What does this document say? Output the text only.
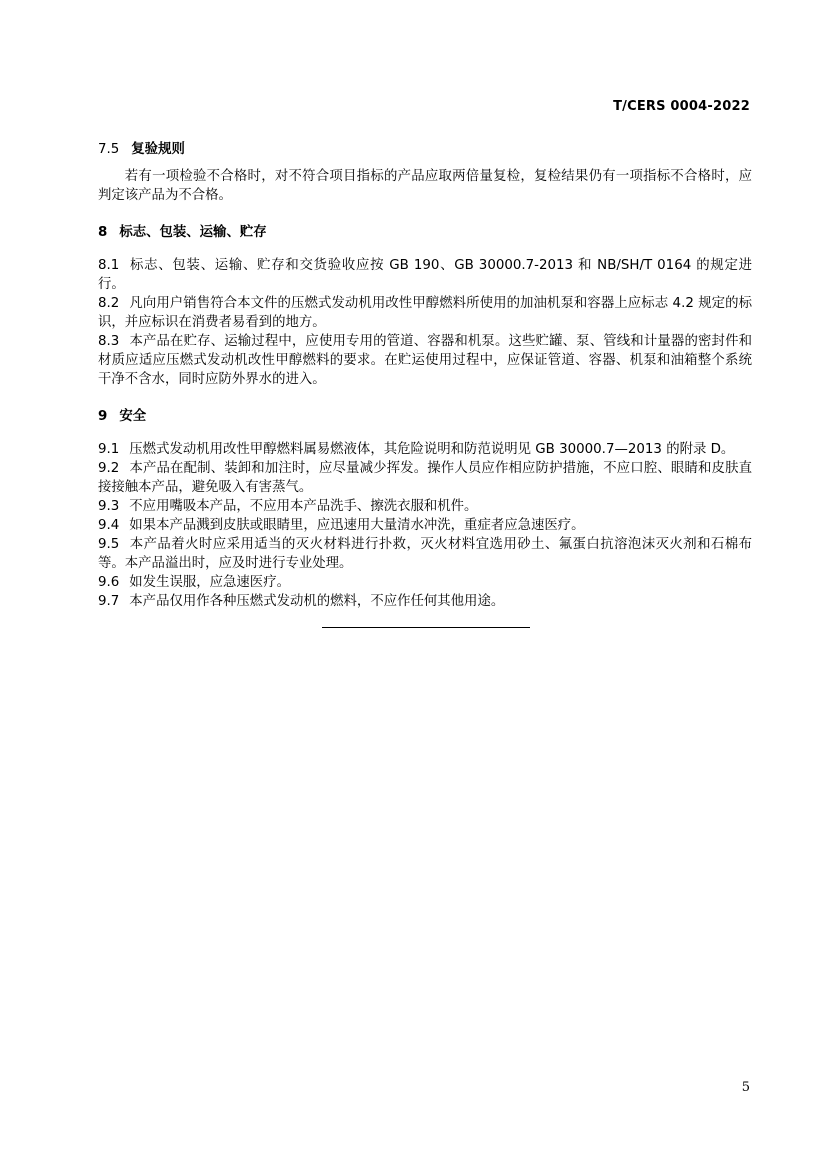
T/CERS 0004-2022

7.5 复验规则

若有一项检验不合格时，对不符合项目指标的产品应取两倍量复检，复检结果仍有一项指标不合格时，应判定该产品为不合格。

8 标志、包装、运输、贮存

8.1 标志、包装、运输、贮存和交货验收应按 GB 190、GB 30000.7-2013 和 NB/SH/T 0164 的规定进行。

8.2 凡向用户销售符合本文件的压燃式发动机用改性甲醇燃料所使用的加油机泵和容器上应标志 4.2 规定的标识，并应标识在消费者易看到的地方。

8.3 本产品在贮存、运输过程中，应使用专用的管道、容器和机泵。这些贮罐、泵、管线和计量器的密封件和材质应适应压燃式发动机改性甲醇燃料的要求。在贮运使用过程中，应保证管道、容器、机泵和油箱整个系统干净不含水，同时应防外界水的进入。

9 安全

9.1 压燃式发动机用改性甲醇燃料属易燃液体，其危险说明和防范说明见 GB 30000.7—2013 的附录 D。

9.2 本产品在配制、装卸和加注时，应尽量减少挥发。操作人员应作相应防护措施，不应口腔、眼睛和皮肤直接接触本产品，避免吸入有害蒸气。

9.3 不应用嘴吸本产品，不应用本产品洗手、擦洗衣服和机件。

9.4 如果本产品溅到皮肤或眼睛里，应迅速用大量清水冲洗，重症者应急速医疗。

9.5 本产品着火时应采用适当的灭火材料进行扑救，灭火材料宜选用砂土、氟蛋白抗溶泡沫灭火剂和石棉布等。本产品溢出时，应及时进行专业处理。

9.6 如发生误服，应急速医疗。

9.7 本产品仅用作各种压燃式发动机的燃料，不应作任何其他用途。

5
